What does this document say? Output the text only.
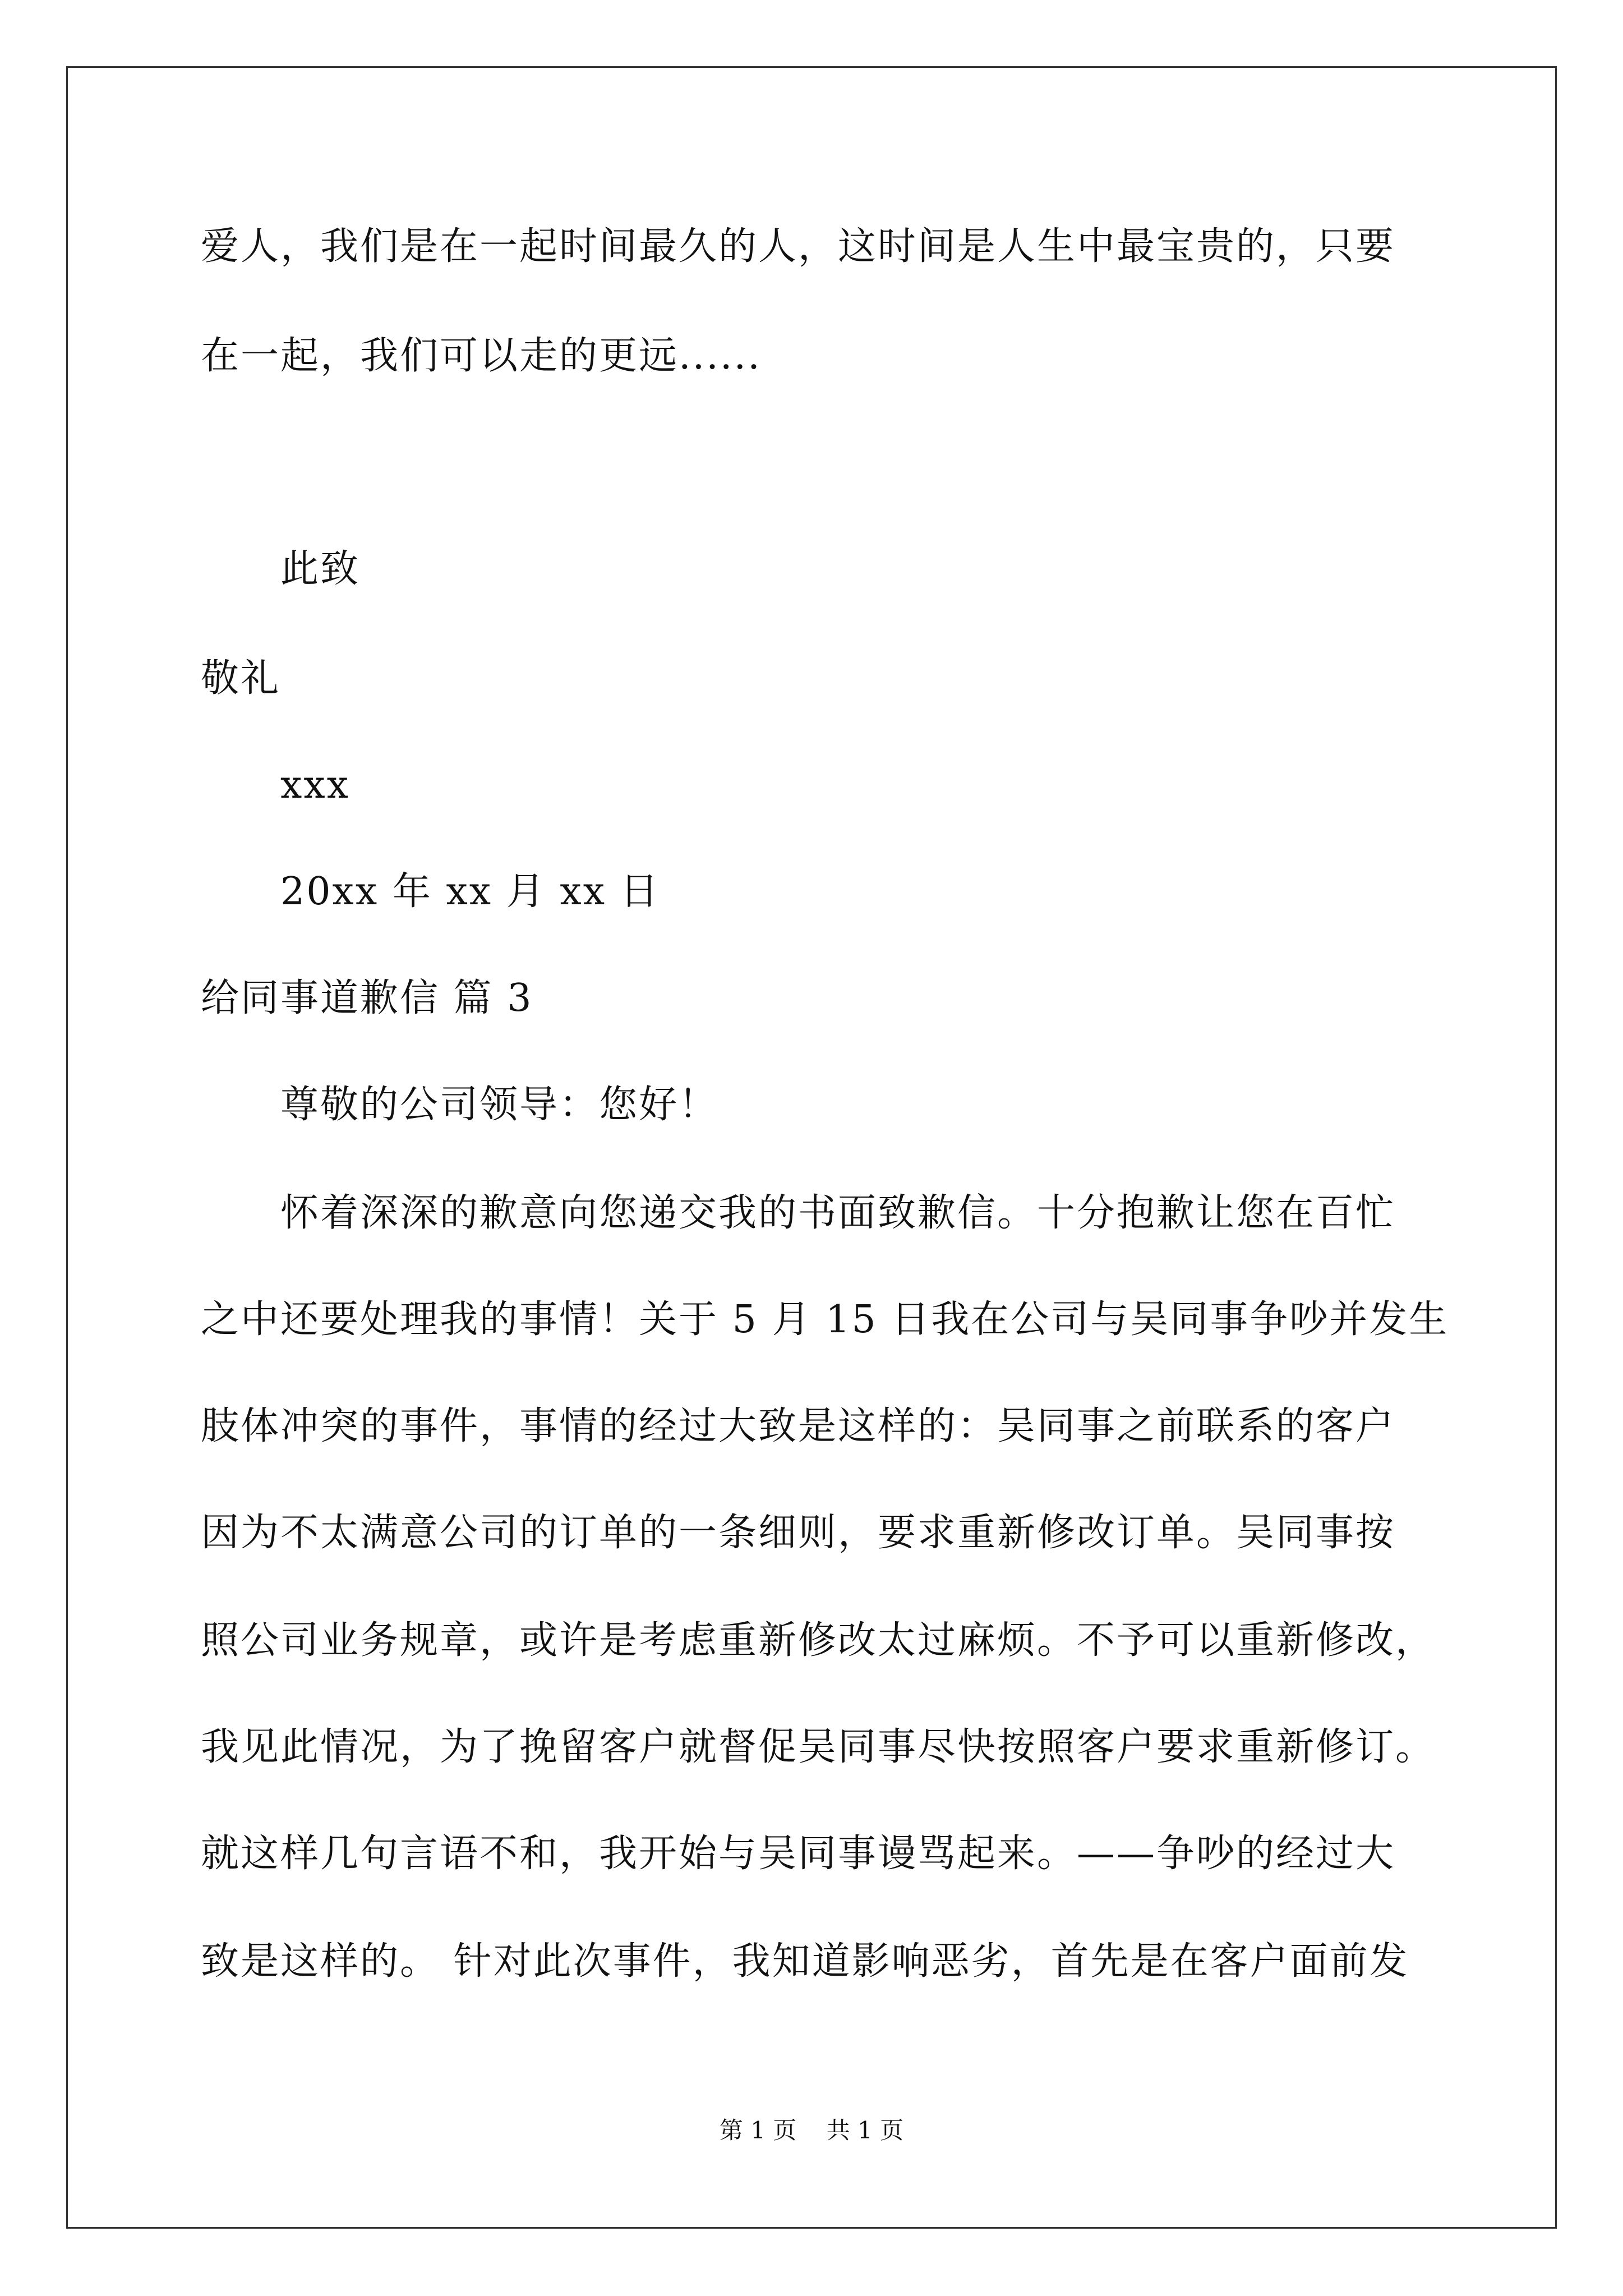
爱人，我们是在一起时间最久的人，这时间是人生中最宝贵的，只要
在一起，我们可以走的更远......
此致
敬礼
xxx
20xx 年 xx 月 xx 日
给同事道歉信 篇 3
尊敬的公司领导：您好！
怀着深深的歉意向您递交我的书面致歉信。十分抱歉让您在百忙
之中还要处理我的事情！关于 5 月 15 日我在公司与吴同事争吵并发生
肢体冲突的事件，事情的经过大致是这样的：吴同事之前联系的客户
因为不太满意公司的订单的一条细则，要求重新修改订单。吴同事按
照公司业务规章，或许是考虑重新修改太过麻烦。不予可以重新修改，
我见此情况，为了挽留客户就督促吴同事尽快按照客户要求重新修订。
就这样几句言语不和，我开始与吴同事谩骂起来。——争吵的经过大
致是这样的。 针对此次事件，我知道影响恶劣，首先是在客户面前发
第 1 页    共 1 页
